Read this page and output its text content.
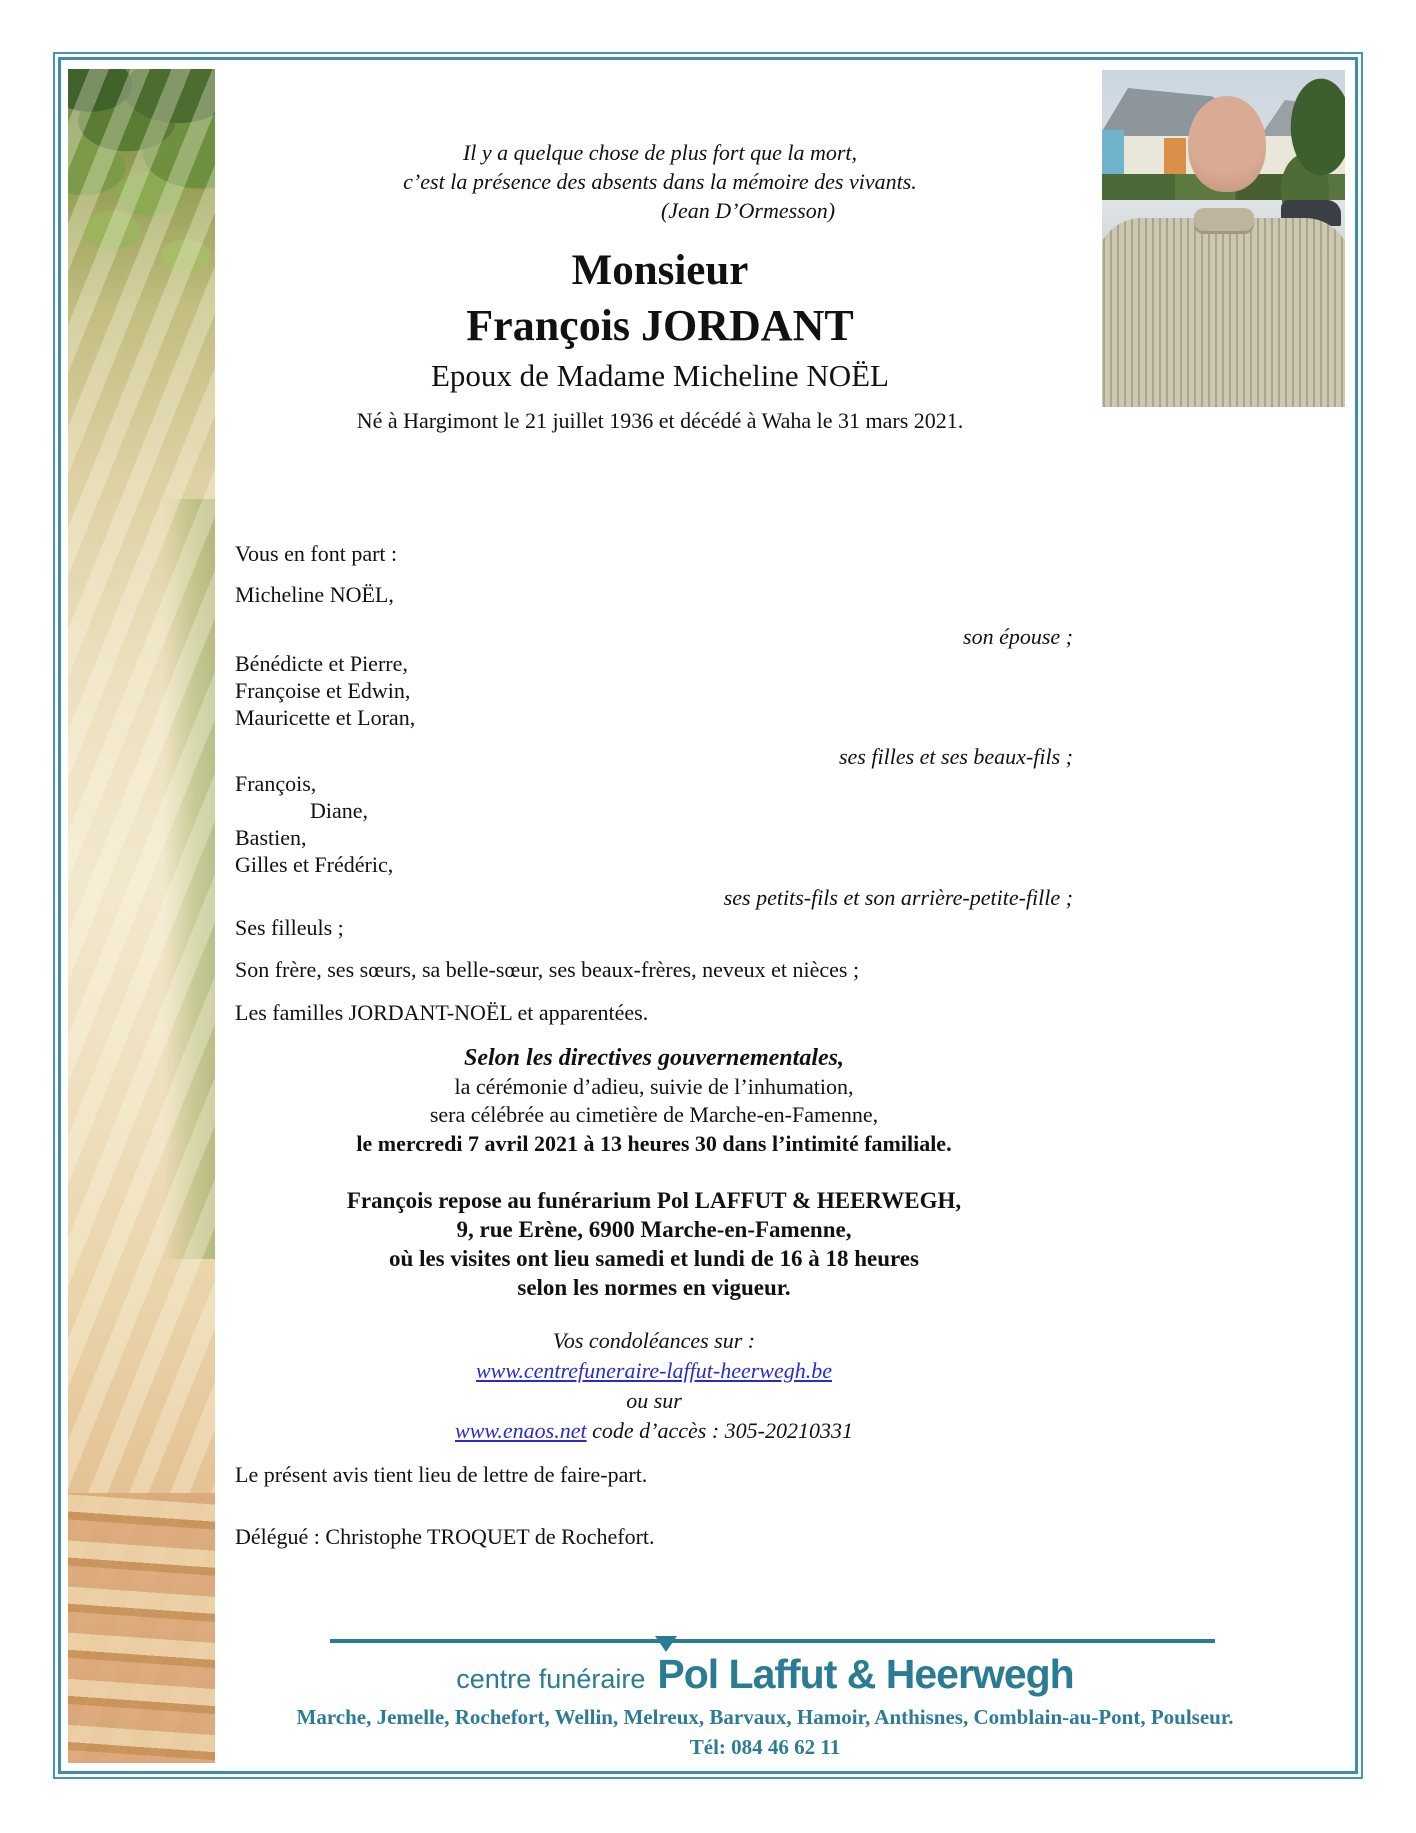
Il y a quelque chose de plus fort que la mort,
c’est la présence des absents dans la mémoire des vivants.
(Jean D’Ormesson)
Monsieur
François JORDANT
Epoux de Madame Micheline NOËL
Né à Hargimont le 21 juillet 1936 et décédé à Waha le 31 mars 2021.
Vous en font part :
Micheline NOËL,
son épouse ;
Bénédicte et Pierre,
Françoise et Edwin,
Mauricette et Loran,
ses filles et ses beaux-fils ;
François,
Diane,
Bastien,
Gilles et Frédéric,
ses petits-fils et son arrière-petite-fille ;
Ses filleuls ;
Son frère, ses sœurs, sa belle-sœur, ses beaux-frères, neveux et nièces ;
Les familles JORDANT-NOËL et apparentées.
Selon les directives gouvernementales,
la cérémonie d’adieu, suivie de l’inhumation,
sera célébrée au cimetière de Marche-en-Famenne,
le mercredi 7 avril 2021 à 13 heures 30 dans l’intimité familiale.
François repose au funérarium Pol LAFFUT & HEERWEGH,
9, rue Erène, 6900 Marche-en-Famenne,
où les visites ont lieu samedi et lundi de 16 à 18 heures
selon les normes en vigueur.
Vos condoléances sur :
www.centrefuneraire-laffut-heerwegh.be
ou sur
www.enaos.net code d’accès : 305-20210331
Le présent avis tient lieu de lettre de faire-part.
Délégué : Christophe TROQUET de Rochefort.
centre funéraire Pol Laffut & Heerwegh
Marche, Jemelle, Rochefort, Wellin, Melreux, Barvaux, Hamoir, Anthisnes, Comblain-au-Pont, Poulseur.
Tél: 084 46 62 11
